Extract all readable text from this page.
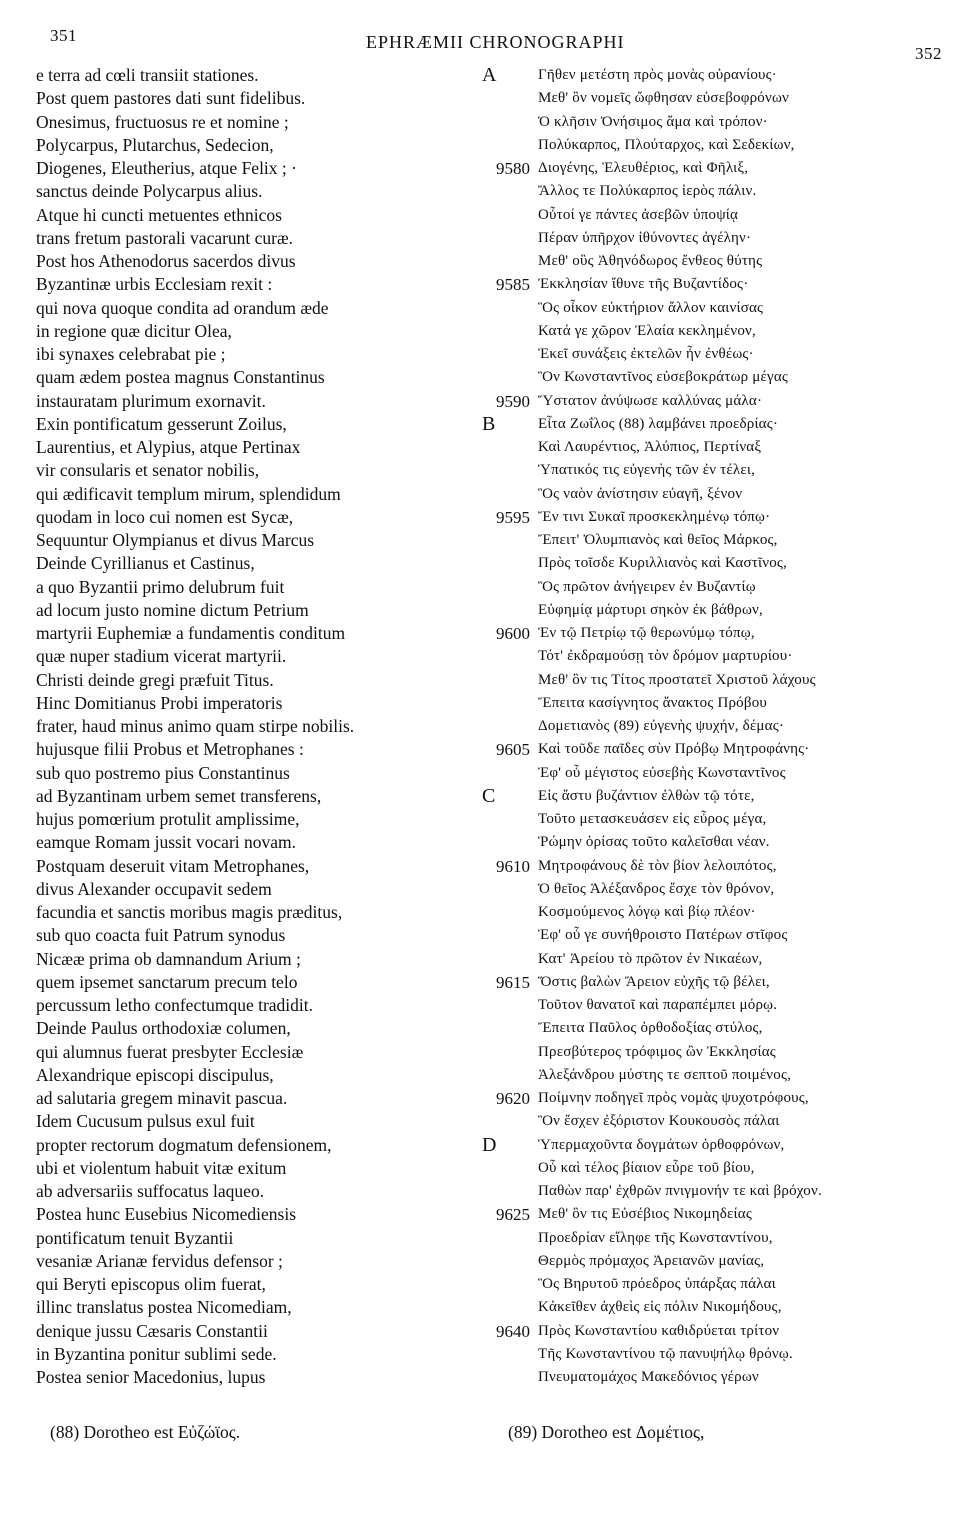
351	EPHRÆMII CHRONOGRAPHI
352
e terra ad cœli transiit stationes.
Post quem pastores dati sunt fidelibus.
Onesimus, fructuosus re et nomine ;
Polycarpus, Plutarchus, Sedecion,
Diogenes, Eleutherius, atque Felix ; ·
sanctus deinde Polycarpus alius.
Atque hi cuncti metuentes ethnicos
trans fretum pastorali vacarunt curæ.
Post hos Athenodorus sacerdos divus
Byzantinæ urbis Ecclesiam rexit :
qui nova quoque condita ad orandum æde
in regione quæ dicitur Olea,
ibi synaxes celebrabat pie ;
quam ædem postea magnus Constantinus
instauratam plurimum exornavit.
Exin pontificatum gesserunt Zoilus,
Laurentius, et Alypius, atque Pertinax
vir consularis et senator nobilis,
qui ædificavit templum mirum, splendidum
quodam in loco cui nomen est Sycæ,
Sequuntur Olympianus et divus Marcus
Deinde Cyrillianus et Castinus,
a quo Byzantii primo delubrum fuit
ad locum justo nomine dictum Petrium
martyrii Euphemiæ a fundamentis conditum
quæ nuper stadium vicerat martyrii.
Christi deinde gregi præfuit Titus.
Hinc Domitianus Probi imperatoris
frater, haud minus animo quam stirpe nobilis.
hujusque filii Probus et Metrophanes :
sub quo postremo pius Constantinus
ad Byzantinam urbem semet transferens,
hujus pomœrium protulit amplissime,
eamque Romam jussit vocari novam.
Postquam deseruit vitam Metrophanes,
divus Alexander occupavit sedem
facundia et sanctis moribus magis præditus,
sub quo coacta fuit Patrum synodus
Nicææ prima ob damnandum Arium ;
quem ipsemet sanctarum precum telo
percussum letho confectumque tradidit.
Deinde Paulus orthodoxiæ columen,
qui alumnus fuerat presbyter Ecclesiæ
Alexandrique episcopi discipulus,
ad salutaria gregem minavit pascua.
Idem Cucusum pulsus exul fuit
propter rectorum dogmatum defensionem,
ubi et violentum habuit vitæ exitum
ab adversariis suffocatus laqueo.
Postea hunc Eusebius Nicomediensis
pontificatum tenuit Byzantii
vesaniæ Arianæ fervidus defensor ;
qui Beryti episcopus olim fuerat,
illinc translatus postea Nicomediam,
denique jussu Cæsaris Constantii
in Byzantina ponitur sublimi sede.
Postea senior Macedonius, lupus
A
B
C
D
9580
9585
9590
9595
9600
9605
9610
9615
9620
9625
9640
Γῆθεν μετέστη πρὸς μονὰς οὐρανίους·
Μεθ' ὃν νομεῖς ὤφθησαν εὐσεβοφρόνων
Ὁ κλῆσιν Ὀνήσιμος ἅμα καὶ τρόπον·
Πολύκαρπος, Πλούταρχος, καὶ Σεδεκίων,
Διογένης, Ἐλευθέριος, καὶ Φῆλιξ,
Ἄλλος τε Πολύκαρπος ἱερὸς πάλιν.
Οὗτοί γε πάντες ἀσεβῶν ὑποψίᾳ
Πέραν ὑπῆρχον ἰθύνοντες ἀγέλην·
Μεθ' οὓς Ἀθηνόδωρος ἔνθεος θύτης
Ἐκκλησίαν ἴθυνε τῆς Βυζαντίδος·
Ὃς οἶκον εὐκτήριον ἄλλον καινίσας
Κατά γε χῶρον Ἐλαία κεκλημένον,
Ἐκεῖ συνάξεις ἐκτελῶν ἦν ἐνθέως·
Ὃν Κωνσταντῖνος εὐσεβοκράτωρ μέγας
Ὕστατον ἀνύψωσε καλλύνας μάλα·
Εἶτα Ζωΐλος (88) λαμβάνει προεδρίας·
Καὶ Λαυρέντιος, Ἀλύπιος, Περτίναξ
Ὑπατικός τις εὐγενὴς τῶν ἐν τέλει,
Ὃς ναὸν ἀνίστησιν εὐαγῆ, ξένον
Ἔν τινι Συκαῖ προσκεκλημένῳ τόπῳ·
Ἔπειτ' Ὀλυμπιανὸς καὶ θεῖος Μάρκος,
Πρὸς τοῖσδε Κυριλλιανὸς καὶ Καστῖνος,
Ὃς πρῶτον ἀνήγειρεν ἐν Βυζαντίῳ
Εὐφημίᾳ μάρτυρι σηκὸν ἐκ βάθρων,
Ἐν τῷ Πετρίῳ τῷ θερωνύμῳ τόπῳ,
Τότ' ἐκδραμούσῃ τὸν δρόμον μαρτυρίου·
Μεθ' ὃν τις Τίτος προστατεῖ Χριστοῦ λάχους
Ἔπειτα κασίγνητος ἄνακτος Πρόβου
Δομετιανὸς (89) εὐγενὴς ψυχήν, δέμας·
Καὶ τοῦδε παῖδες σὺν Πρόβῳ Μητροφάνης·
Ἐφ' οὗ μέγιστος εὐσεβὴς Κωνσταντῖνος
Εἰς ἄστυ βυζάντιον ἐλθὼν τῷ τότε,
Τοῦτο μετασκευάσεν εἰς εὖρος μέγα,
Ῥώμην ὁρίσας τοῦτο καλεῖσθαι νέαν.
Μητροφάνους δὲ τὸν βίον λελοιπότος,
Ὁ θεῖος Ἀλέξανδρος ἔσχε τὸν θρόνον,
Κοσμούμενος λόγῳ καὶ βίῳ πλέον·
Ἐφ' οὗ γε συνήθροιστο Πατέρων στῖφος
Κατ' Ἀρείου τὸ πρῶτον ἐν Νικαέων,
Ὅστις βαλὼν Ἄρειον εὐχῆς τῷ βέλει,
Τοῦτον θανατοῖ καὶ παραπέμπει μόρῳ.
Ἔπειτα Παῦλος ὀρθοδοξίας στύλος,
Πρεσβύτερος τρόφιμος ὢν Ἐκκλησίας
Ἀλεξάνδρου μύστης τε σεπτοῦ ποιμένος,
Ποίμνην ποδηγεῖ πρὸς νομὰς ψυχοτρόφους,
Ὃν ἔσχεν ἐξόριστον Κουκουσὸς πάλαι
Ὑπερμαχοῦντα δογμάτων ὀρθοφρόνων,
Οὗ καὶ τέλος βίαιον εὗρε τοῦ βίου,
Παθὼν παρ' ἐχθρῶν πνιγμονήν τε καὶ βρόχον.
Μεθ' ὃν τις Εὐσέβιος Νικομηδείας
Προεδρίαν εἴληφε τῆς Κωνσταντίνου,
Θερμὸς πρόμαχος Ἀρειανῶν μανίας,
Ὃς Βηρυτοῦ πρόεδρος ὑπάρξας πάλαι
Κἀκεῖθεν ἀχθεὶς εἰς πόλιν Νικομήδους,
Πρὸς Κωνσταντίου καθιδρύεται τρίτον
Τῆς Κωνσταντίνου τῷ πανυψήλῳ θρόνῳ.
Πνευματομάχος Μακεδόνιος γέρων
(88) Dorotheo est Εὐζώϊος.	(89) Dorotheo est Δομέτιος,
